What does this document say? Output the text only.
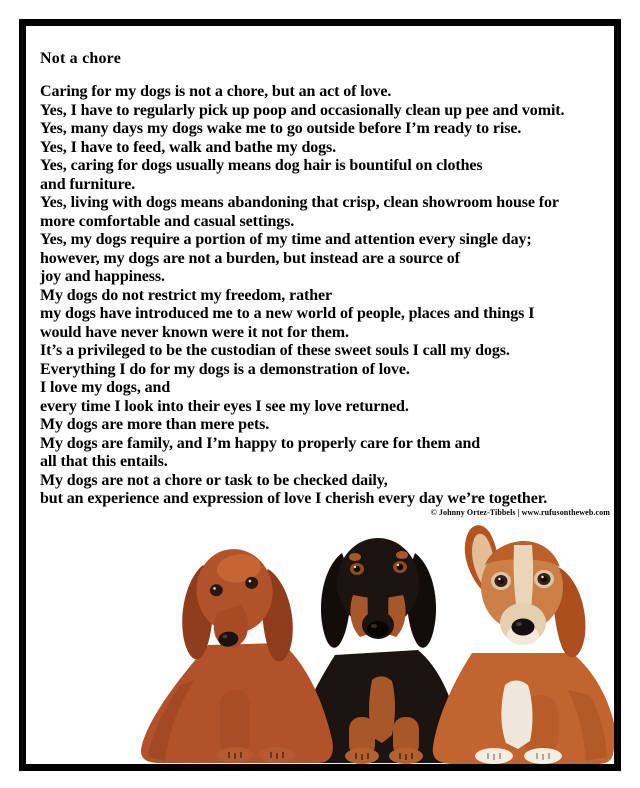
Not a chore
Caring for my dogs is not a chore, but an act of love.
Yes, I have to regularly pick up poop and occasionally clean up pee and vomit.
Yes, many days my dogs wake me to go outside before I’m ready to rise.
Yes, I have to feed, walk and bathe my dogs.
Yes, caring for dogs usually means dog hair is bountiful on clothes
and furniture.
Yes, living with dogs means abandoning that crisp, clean showroom house for
more comfortable and casual settings.
Yes, my dogs require a portion of my time and attention every single day;
however, my dogs are not a burden, but instead are a source of
joy and happiness.
My dogs do not restrict my freedom, rather
my dogs have introduced me to a new world of people, places and things I
would have never known were it not for them.
It’s a privileged to be the custodian of these sweet souls I call my dogs.
Everything I do for my dogs is a demonstration of love.
I love my dogs, and
every time I look into their eyes I see my love returned.
My dogs are more than mere pets.
My dogs are family, and I’m happy to properly care for them and
all that this entails.
My dogs are not a chore or task to be checked daily,
but an experience and expression of love I cherish every day we’re together.
© Johnny Ortez-Tibbels | www.rufusontheweb.com
